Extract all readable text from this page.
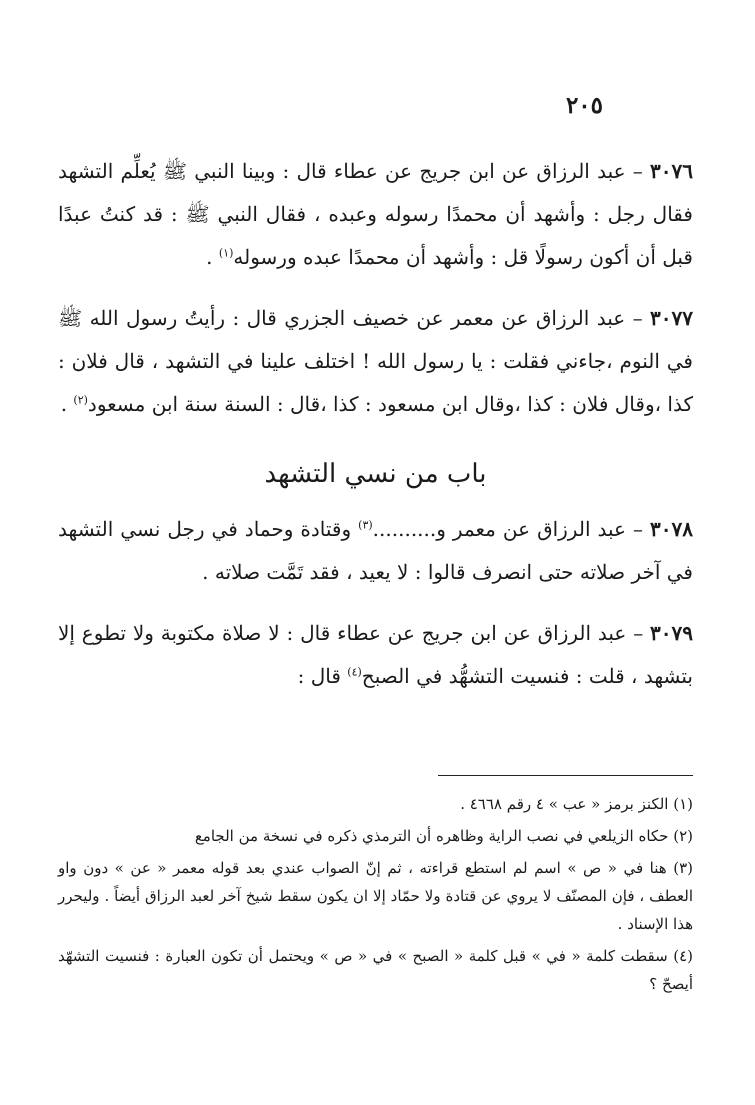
٢٠٥

٣٠٧٦ – عبد الرزاق عن ابن جريج عن عطاء قال : وبينا النبي ﷺ يُعلِّم التشهد فقال رجل : وأشهد أن محمدًا رسوله وعبده ، فقال النبي ﷺ : قد كنتُ عبدًا قبل أن أكون رسولًا قل : وأشهد أن محمدًا عبده ورسوله$^{(١)}$ .

٣٠٧٧ – عبد الرزاق عن معمر عن خصيف الجزري قال : رأيتُ رسول الله ﷺ في النوم ،جاءني فقلت : يا رسول الله ! اختلف علينا في التشهد ، قال فلان : كذا ،وقال فلان : كذا ،وقال ابن مسعود : كذا ،قال : السنة سنة ابن مسعود$^{(٢)}$ .

باب من نسي التشهد

٣٠٧٨ – عبد الرزاق عن معمر و..........$^{(٣)}$ وقتادة وحماد في رجل نسي التشهد في آخر صلاته حتى انصرف قالوا : لا يعيد ، فقد تَمَّت صلاته .

٣٠٧٩ – عبد الرزاق عن ابن جريج عن عطاء قال : لا صلاة مكتوبة ولا تطوع إلا بتشهد ، قلت : فنسيت التشهُّد في الصبح$^{(٤)}$ قال :

(١) الكنز برمز « عب » ٤ رقم ٤٦٦٨ .

(٢) حكاه الزيلعي في نصب الراية وظاهره أن الترمذي ذكره في نسخة من الجامع

(٣) هنا في « ص » اسم لم استطع قراءته ، ثم إنّ الصواب عندي بعد قوله معمر « عن » دون واو العطف ، فإن المصنّف لا يروي عن قتادة ولا حمّاد إلا ان يكون سقط شيخ آخر لعبد الرزاق أيضاً . وليحرر هذا الإسناد .

(٤) سقطت كلمة « في » قبل كلمة « الصبح » في « ص » ويحتمل أن تكون العبارة : فنسيت التشهّد أيصحّ ؟
